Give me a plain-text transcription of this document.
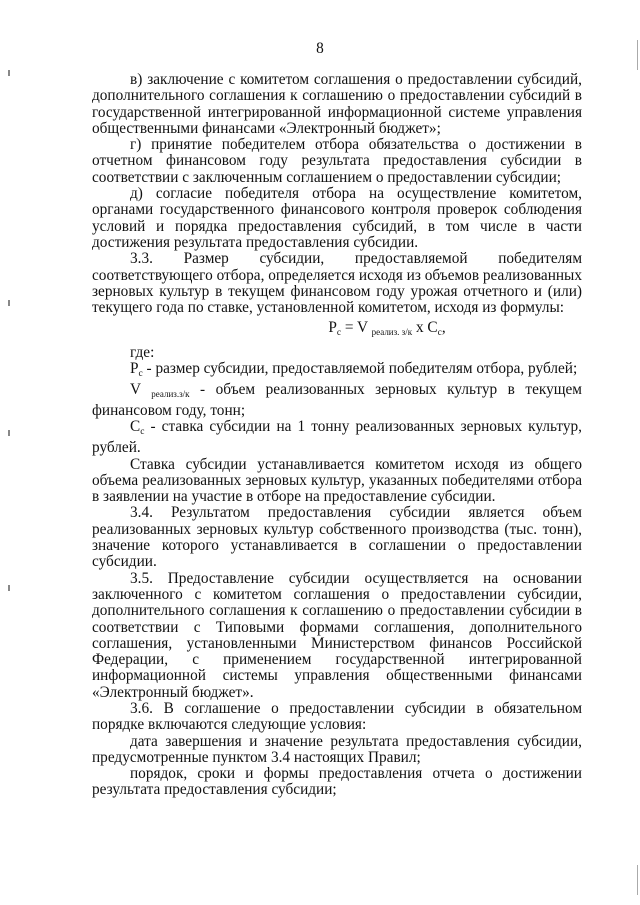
8

в) заключение с комитетом соглашения о предоставлении субсидий, дополнительного соглашения к соглашению о предоставлении субсидий в государственной интегрированной информационной системе управления общественными финансами «Электронный бюджет»;

г) принятие победителем отбора обязательства о достижении в отчетном финансовом году результата предоставления субсидии в соответствии с заключенным соглашением о предоставлении субсидии;

д) согласие победителя отбора на осуществление комитетом, органами государственного финансового контроля проверок соблюдения условий и порядка предоставления субсидий, в том числе в части достижения результата предоставления субсидии.

3.3. Размер субсидии, предоставляемой победителям соответствующего отбора, определяется исходя из объемов реализованных зерновых культур в текущем финансовом году урожая отчетного и (или) текущего года по ставке, установленной комитетом, исходя из формулы:

$P_c = V$ реализ. з/к x $C_c$,

где:

$P_c$ - размер субсидии, предоставляемой победителям отбора, рублей;

V реализ.з/к - объем реализованных зерновых культур в текущем финансовом году, тонн;

$C_c$ - ставка субсидии на 1 тонну реализованных зерновых культур, рублей.

Ставка субсидии устанавливается комитетом исходя из общего объема реализованных зерновых культур, указанных победителями отбора в заявлении на участие в отборе на предоставление субсидии.

3.4. Результатом предоставления субсидии является объем реализованных зерновых культур собственного производства (тыс. тонн), значение которого устанавливается в соглашении о предоставлении субсидии.

3.5. Предоставление субсидии осуществляется на основании заключенного с комитетом соглашения о предоставлении субсидии, дополнительного соглашения к соглашению о предоставлении субсидии в соответствии с Типовыми формами соглашения, дополнительного соглашения, установленными Министерством финансов Российской Федерации, с применением государственной интегрированной информационной системы управления общественными финансами «Электронный бюджет».

3.6. В соглашение о предоставлении субсидии в обязательном порядке включаются следующие условия:

дата завершения и значение результата предоставления субсидии, предусмотренные пунктом 3.4 настоящих Правил;

порядок, сроки и формы предоставления отчета о достижении результата предоставления субсидии;
